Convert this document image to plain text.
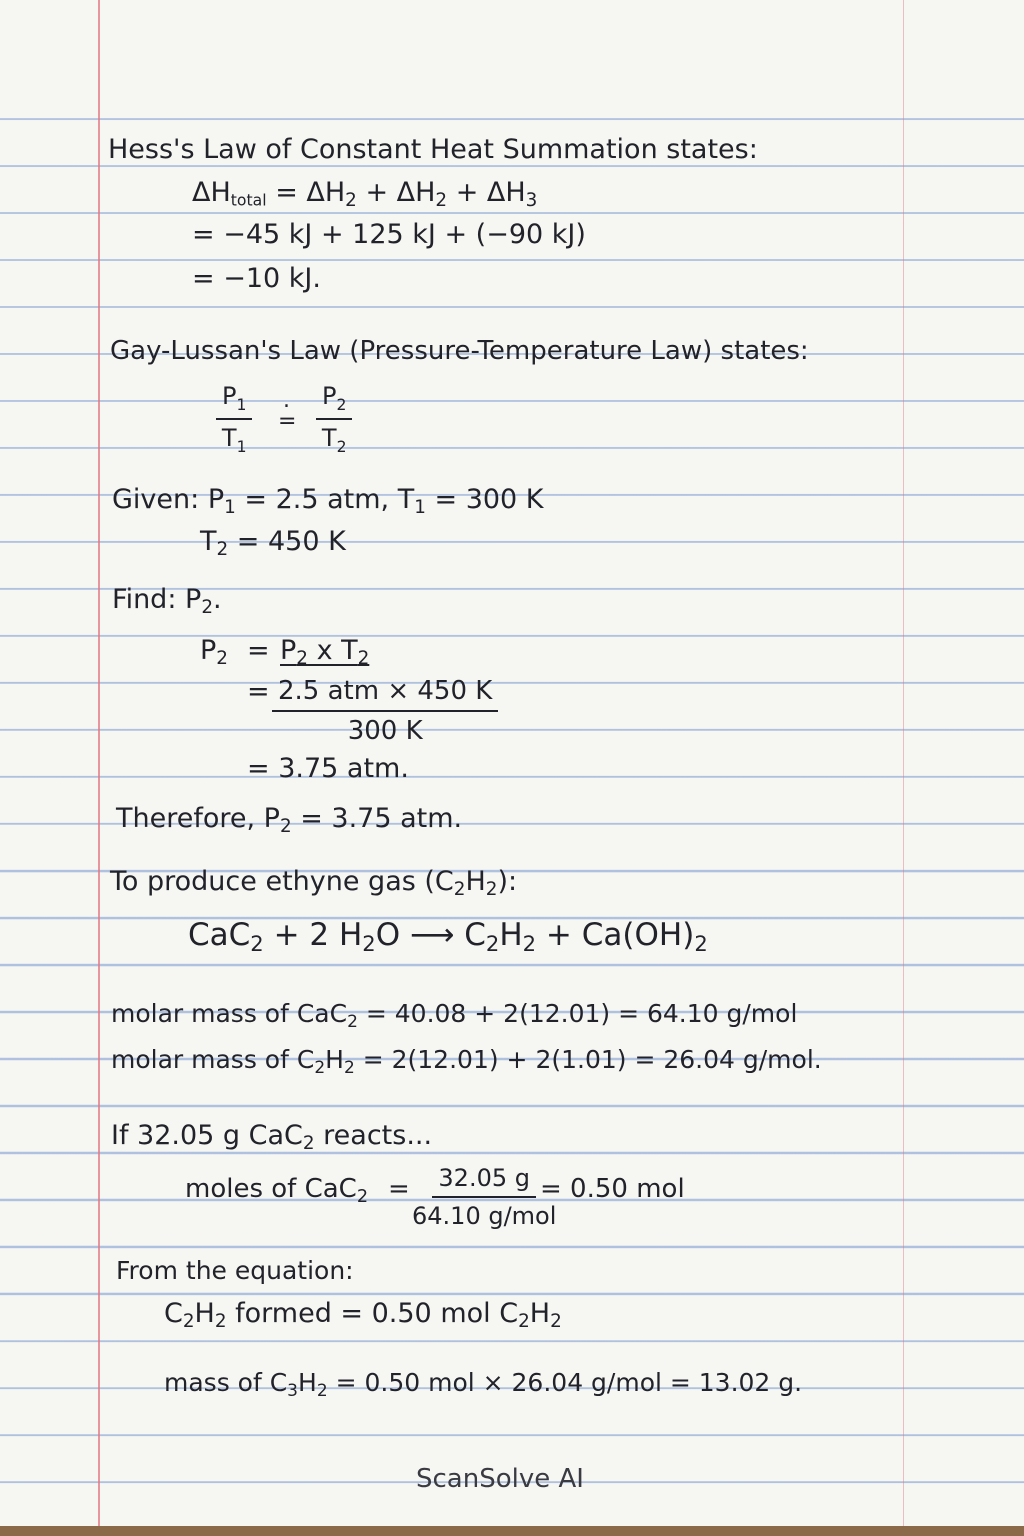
Hess's Law of Constant Heat Summation states:
$\Delta H_{total} = \Delta H_2 + \Delta H_2 + \Delta H_3$
= −45 kJ + 125 kJ + (−90 kJ)
= −10 kJ.
Gay-Lussan's Law (Pressure-Temperature Law) states:
$\frac{P_1}{T_1}$ .
= $\frac{P_2}{T_2}$
Given: $P_1 = 2.5$ atm, $T_1 = 300$ K
$T_2 = 450$ K
Find: $P_2$.
$P_2 = P_2$ x $T_2$
= 2.5 atm × 450 K
300 K
= 3.75 atm.
Therefore, $P_2 = 3.75$ atm.
To produce ethyne gas $(C_2H_2)$:
CaC$_2$ + 2 $H_2O$ ⟶ $C_2H_2 + Ca(OH)_2$
molar mass of CaC$_2$ = 40.08 + 2(12.01) = 64.10 g/mol
molar mass of $C_2H_2 = 2(12.01) + 2(1.01) = 26.04$ g/mol.
If 32.05 g CaC$_2$ reacts...
moles of CaC$_2$ = 32.05 g
64.10 g/mol
= 0.50 mol
From the equation:
$C_2H_2$ formed = 0.50 mol $C_2H_2$
mass of $C_3H_2 = 0.50$ mol × 26.04 g/mol = 13.02 g.
ScanSolve AI
